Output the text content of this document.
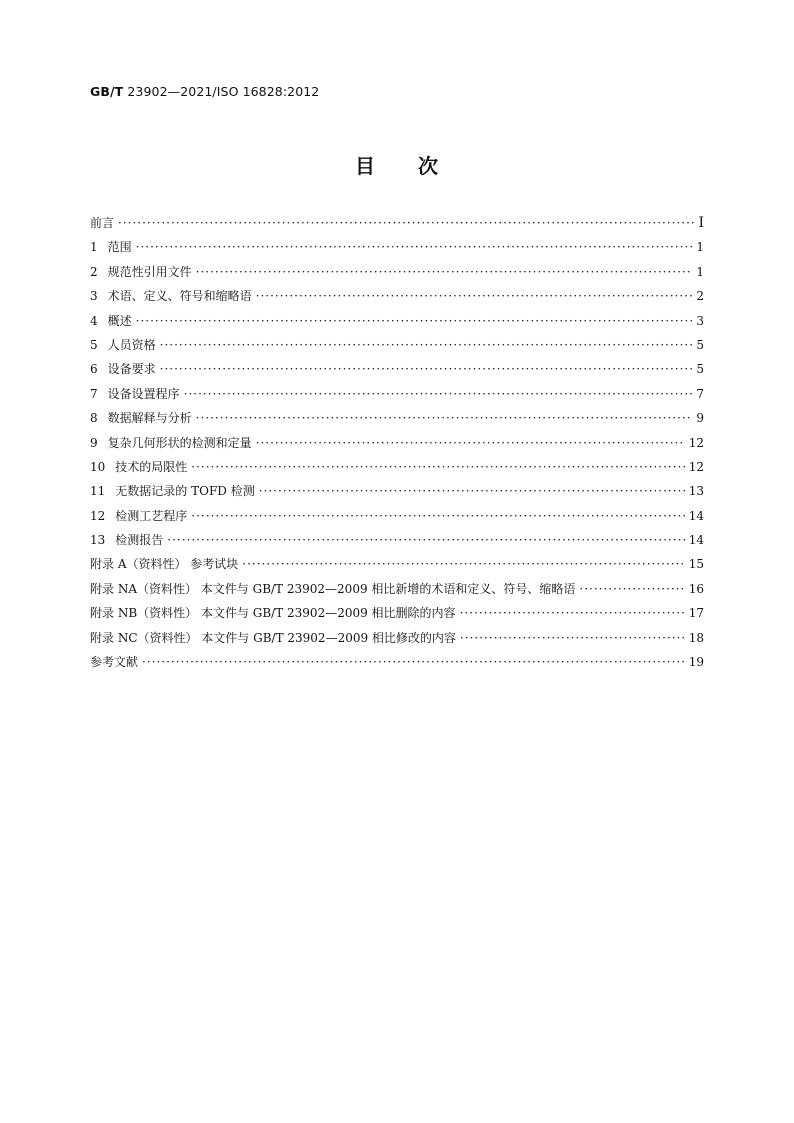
GB/T 23902—2021/ISO 16828:2012
目 次
前言 ·····	I
1 范围 ·····	1
2 规范性引用文件 ·····	1
3 术语、定义、符号和缩略语 ·····	2
4 概述 ·····	3
5 人员资格 ·····	5
6 设备要求 ·····	5
7 设备设置程序 ·····	7
8 数据解释与分析 ·····	9
9 复杂几何形状的检测和定量 ·····	12
10 技术的局限性 ·····	12
11 无数据记录的 TOFD 检测 ·····	13
12 检测工艺程序 ·····	14
13 检测报告 ·····	14
附录 A（资料性） 参考试块 ·····	15
附录 NA（资料性） 本文件与 GB/T 23902—2009 相比新增的术语和定义、符号、缩略语 ·····	16
附录 NB（资料性） 本文件与 GB/T 23902—2009 相比删除的内容 ·····	17
附录 NC（资料性） 本文件与 GB/T 23902—2009 相比修改的内容 ·····	18
参考文献 ·····	19
